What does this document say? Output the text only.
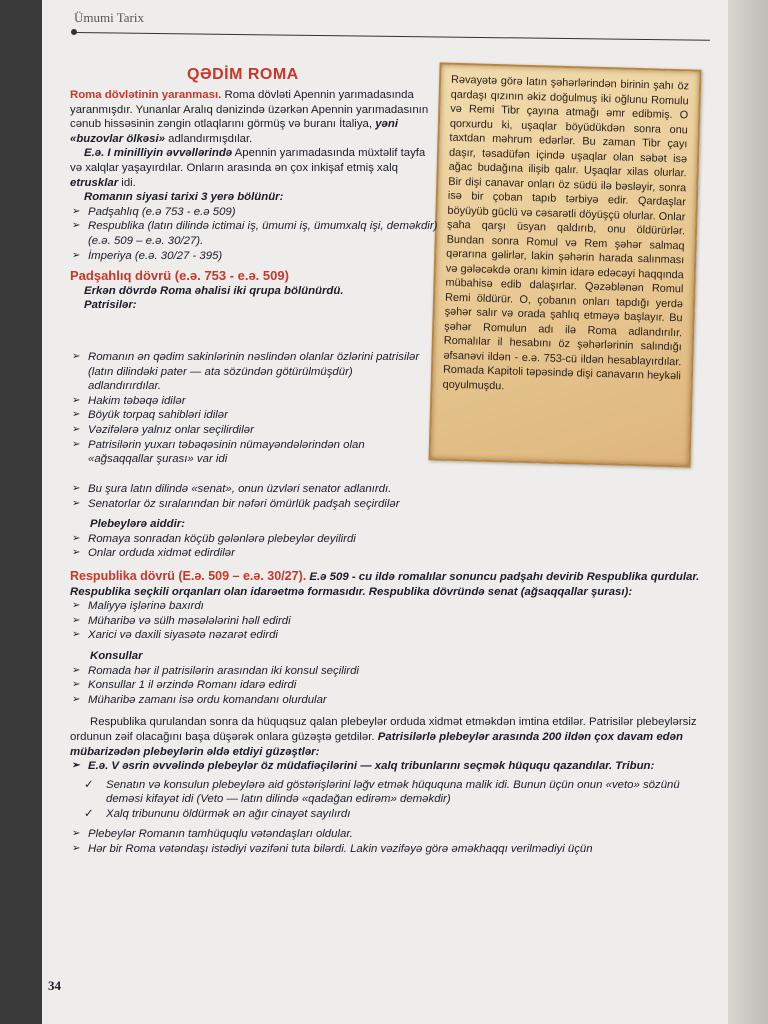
Ümumi Tarix
QƏDİM ROMA	Rəvayətə görə latın şəhərlərindən birinin şahı öz qardaşı qızının əkiz doğulmuş iki oğlunu Romulu və Remi Tibr çayına atmağı əmr edibmiş. O qorxurdu ki, uşaqlar böyüdükdən sonra onu taxtdan məhrum edərlər. Bu zaman Tibr çayı daşır, təsadüfən içində uşaqlar olan səbət isə ağac budağına ilişib qalır. Uşaqlar xilas olurlar. Bir dişi canavar onları öz südü ilə bəsləyir, sonra isə bir çoban tapıb tərbiyə edir. Qardaşlar böyüyüb güclü və cəsarətli döyüşçü olurlar. Onlar şaha qarşı üsyan qaldırıb, onu öldürürlər. Bundan sonra Romul və Rem şəhər salmaq qərarına gəlirlər, lakin şəhərin harada salınması və gələcəkdə oranı kimin idarə edəcəyi haqqında mübahisə edib dalaşırlar. Qəzəblənən Romul Remi öldürür. O, çobanın onları tapdığı yerdə şəhər salır və orada şahlıq etməyə başlayır. Bu şəhər Romulun adı ilə Roma adlandırılır. Romalılar il hesabını öz şəhərlərinin salındığı əfsanəvi ildən - e.ə. 753-cü ildən hesablayırdılar. Romada Kapitoli təpəsində dişi canavarın heykəli qoyulmuşdu.

Roma dövlətinin yaranması. Roma dövləti Apennin yarımadasında yaranmışdır. Yunanlar Aralıq dənizində üzərkən Apennin yarımadasının cənub hissəsinin zəngin otlaqlarını görmüş və buranı İtaliya, yəni «buzovlar ölkəsi» adlandırmışdılar.

E.ə. I minilliyin əvvəllərində Apennin yarımadasında müxtəlif tayfa və xalqlar yaşayırdılar. Onların arasında ən çox inkişaf etmiş xalq etrusklar idi.

Romanın siyasi tarixi 3 yerə bölünür:

➢ Padşahlıq (e.ə 753 - e.ə 509)
➢ Respublika (latın dilində ictimai iş, ümumi iş, ümumxalq işi, deməkdir) (e.ə. 509 – e.ə. 30/27).
➢ İmperiya (e.ə. 30/27 - 395)

Padşahlıq dövrü (e.ə. 753 - e.ə. 509)

Erkən dövrdə Roma əhalisi iki qrupa bölünürdü.

Patrisilər:

➢ Romanın ən qədim sakinlərinin nəslindən olanlar özlərini patrisilər (latın dilindəki pater — ata sözündən götürülmüşdür) adlandırırdılar.
➢ Hakim təbəqə idilər
➢ Böyük torpaq sahibləri idilər
➢ Vəzifələrə yalnız onlar seçilirdilər
➢ Patrisilərin yuxarı təbəqəsinin nümayəndələrindən olan «ağsaqqallar şurası» var idi
➢ Bu şura latın dilində «senat», onun üzvləri senator adlanırdı.
➢ Senatorlar öz sıralarından bir nəfəri ömürlük padşah seçirdilər

Plebeylərə aiddir:

➢ Romaya sonradan köçüb gələnlərə plebeylər deyilirdi
➢ Onlar orduda xidmət edirdilər

Respublika dövrü (E.ə. 509 – e.ə. 30/27). E.ə 509 - cu ildə romalılar sonuncu padşahı devirib Respublika qurdular. Respublika seçkili orqanları olan idarəetmə formasıdır. Respublika dövründə senat (ağsaqqallar şurası):

➢ Maliyyə işlərinə baxırdı
➢ Müharibə və sülh məsələlərini həll edirdi
➢ Xarici və daxili siyasətə nəzarət edirdi

Konsullar

➢ Romada hər il patrisilərin arasından iki konsul seçilirdi
➢ Konsullar 1 il ərzində Romanı idarə edirdi
➢ Müharibə zamanı isə ordu komandanı olurdular

Respublika qurulandan sonra da hüquqsuz qalan plebeylər orduda xidmət etməkdən imtina etdilər. Patrisilər plebeylərsiz ordunun zəif olacağını başa düşərək onlara güzəştə getdilər. Patrisilərlə plebeylər arasında 200 ildən çox davam edən mübarizədən plebeylərin əldə etdiyi güzəştlər:

➢ E.ə. V əsrin əvvəlində plebeylər öz müdafiəçilərini — xalq tribunlarını seçmək hüququ qazandılar. Tribun:
✓ Senatın və konsulun plebeylərə aid göstərişlərini ləğv etmək hüququna malik idi. Bunun üçün onun «veto» sözünü deməsi kifayət idi (Veto — latın dilində «qadağan edirəm» deməkdir)
✓ Xalq tribununu öldürmək ən ağır cinayət sayılırdı
➢ Plebeylər Romanın tamhüquqlu vətəndaşları oldular.
➢ Hər bir Roma vətəndaşı istədiyi vəzifəni tuta bilərdi. Lakin vəzifəyə görə əməkhaqqı verilmədiyi üçün
34
